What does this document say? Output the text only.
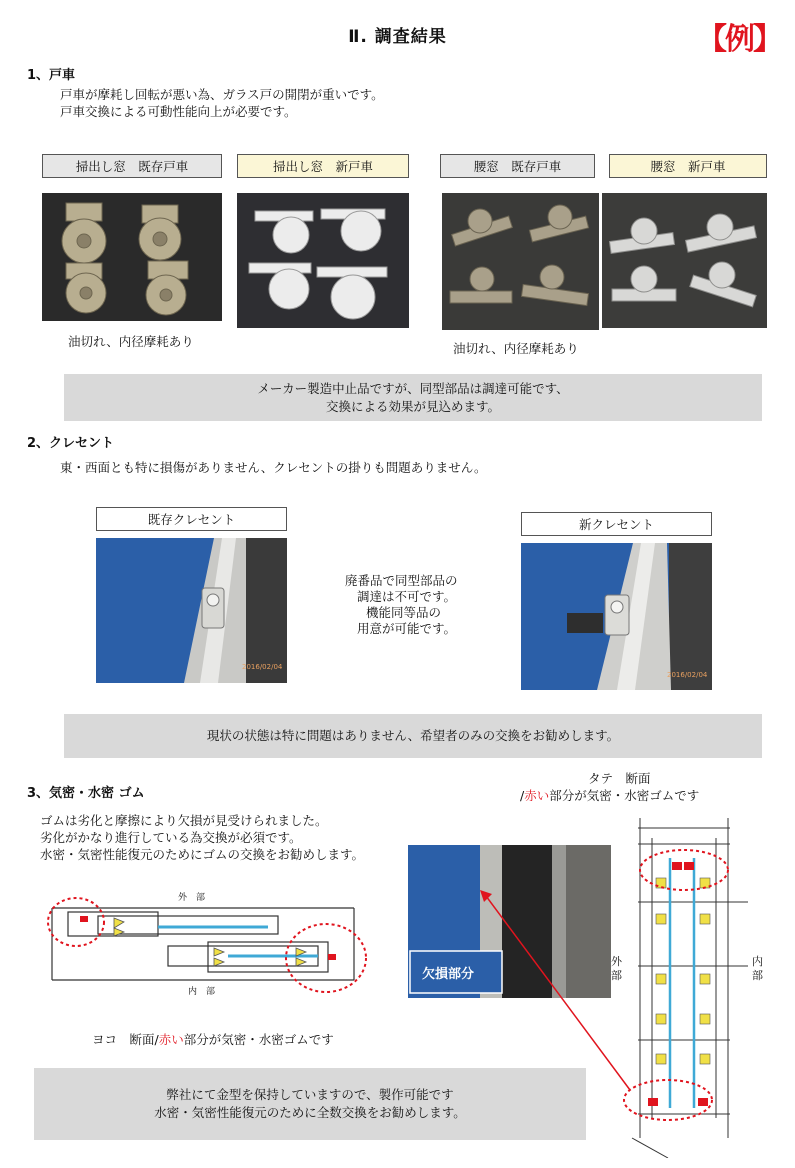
Ⅱ. 調査結果	【例】
1、戸車
戸車が摩耗し回転が悪い為、ガラス戸の開閉が重いです。
戸車交換による可動性能向上が必要です。
掃出し窓　既存戸車	掃出し窓　新戸車	腰窓　既存戸車	腰窓　新戸車
油切れ、内径摩耗あり	油切れ、内径摩耗あり
メーカー製造中止品ですが、同型部品は調達可能です、
交換による効果が見込めます。
2、クレセント
東・西面とも特に損傷がありません、クレセントの掛りも問題ありません。
既存クレセント	新クレセント
2016/02/04
2016/02/04
廃番品で同型部品の
調達は不可です。
機能同等品の
用意が可能です。
現状の状態は特に問題はありません、希望者のみの交換をお勧めします。
3、気密・水密 ゴム
ゴムは劣化と摩擦により欠損が見受けられました。
劣化がかなり進行している為交換が必須です。
水密・気密性能復元のためにゴムの交換をお勧めします。
タテ　断面
/赤い部分が気密・水密ゴムです
外　部
内　部
ヨコ　断面/赤い部分が気密・水密ゴムです
欠損部分
外部
内部
弊社にて金型を保持していますので、製作可能です
水密・気密性能復元のために全数交換をお勧めします。
